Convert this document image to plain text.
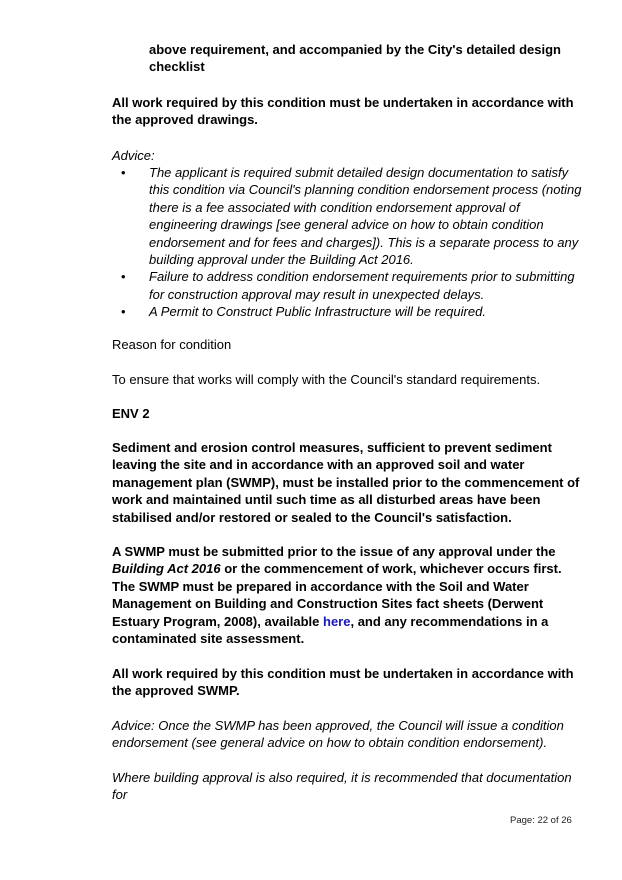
above requirement, and accompanied by the City's detailed design checklist

All work required by this condition must be undertaken in accordance with the approved drawings.

Advice:

• The applicant is required submit detailed design documentation to satisfy this condition via Council's planning condition endorsement process (noting there is a fee associated with condition endorsement approval of engineering drawings [see general advice on how to obtain condition endorsement and for fees and charges]). This is a separate process to any building approval under the Building Act 2016.
• Failure to address condition endorsement requirements prior to submitting for construction approval may result in unexpected delays.
• A Permit to Construct Public Infrastructure will be required.

Reason for condition

To ensure that works will comply with the Council's standard requirements.

ENV 2

Sediment and erosion control measures, sufficient to prevent sediment leaving the site and in accordance with an approved soil and water management plan (SWMP), must be installed prior to the commencement of work and maintained until such time as all disturbed areas have been stabilised and/or restored or sealed to the Council's satisfaction.

A SWMP must be submitted prior to the issue of any approval under the Building Act 2016 or the commencement of work, whichever occurs first. The SWMP must be prepared in accordance with the Soil and Water Management on Building and Construction Sites fact sheets (Derwent Estuary Program, 2008), available here, and any recommendations in a contaminated site assessment.

All work required by this condition must be undertaken in accordance with the approved SWMP.

Advice: Once the SWMP has been approved, the Council will issue a condition endorsement (see general advice on how to obtain condition endorsement).

Where building approval is also required, it is recommended that documentation for

Page: 22 of 26
